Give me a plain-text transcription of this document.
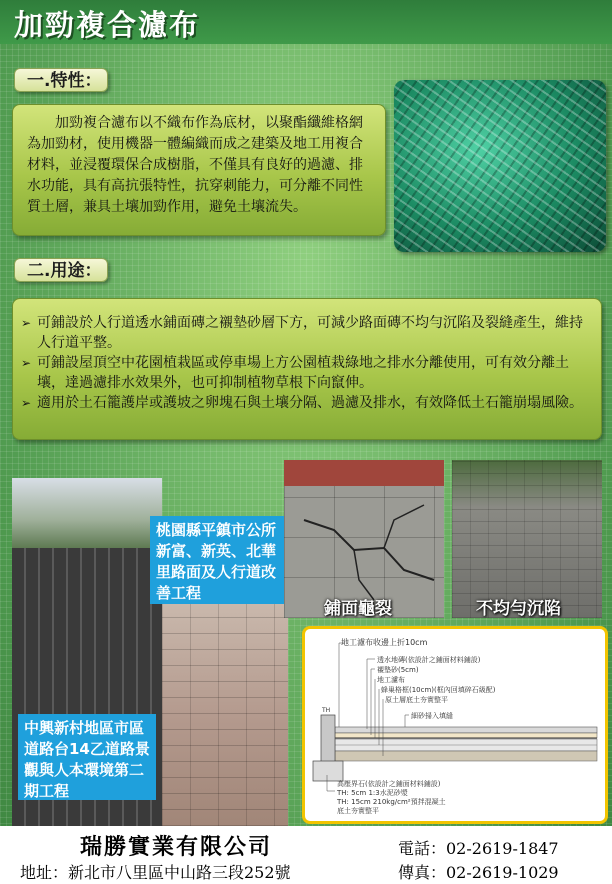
加勁複合濾布
一.特性：
加勁複合濾布以不織布作為底材，以聚酯纖維格網為加勁材，使用機器一體編織而成之建築及地工用複合材料，並浸覆環保合成樹脂，不僅具有良好的過濾、排水功能，具有高抗張特性，抗穿刺能力，可分離不同性質土層，兼具土壤加勁作用，避免土壤流失。
二.用途：
➢ 可鋪設於人行道透水鋪面磚之襯墊砂層下方，可減少路面磚不均勻沉陷及裂縫產生，維持人行道平整。
➢ 可鋪設屋頂空中花園植栽區或停車場上方公園植栽綠地之排水分離使用，可有效分離土壤，達過濾排水效果外，也可抑制植物草根下向竄伸。
➢ 適用於土石籠護岸或護坡之卵塊石與土壤分隔、過濾及排水，有效降低土石籠崩塌風險。
桃園縣平鎮市公所新富、新英、北華里路面及人行道改善工程
中興新村地區市區道路台14乙道路景觀與人本環境第二期工程
鋪面龜裂	不均勻沉陷
地工濾布收邊上折10cm
透水地磚(依設計之鋪面材料鋪設)
襯墊砂(5cm)
地工濾布
蜂巢格框(10cm)(框內回填碎石級配)
原土層底土夯實整平
細砂掃入填縫
TH
高壓界石(依設計之鋪面材料鋪設)
TH: 5cm 1:3水泥砂漿
TH: 15cm 210kg/cm²預拌混凝土
底土夯實整平
瑞勝實業有限公司
地址：新北市八里區中山路三段252號
電話：02-2619-1847
傳真：02-2619-1029
